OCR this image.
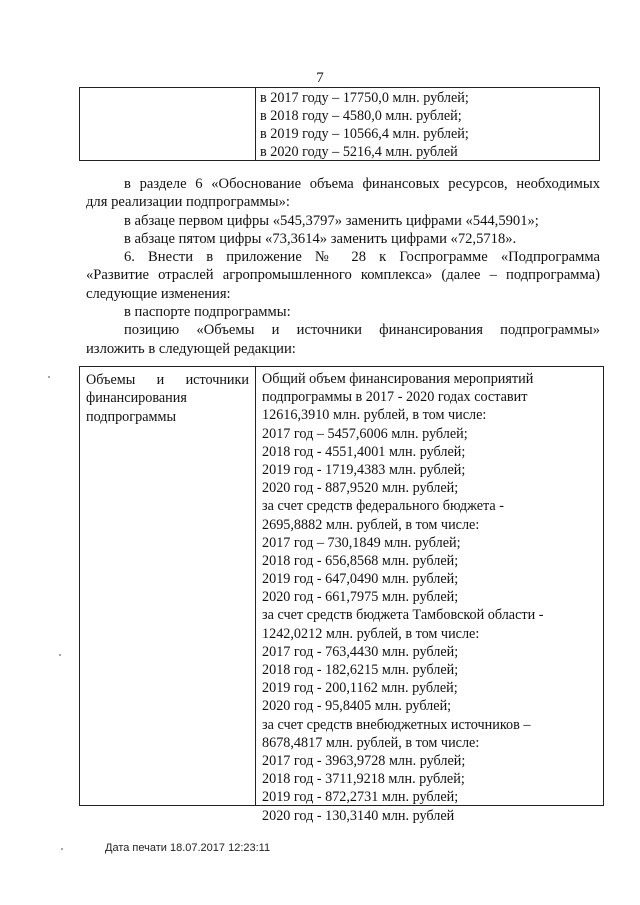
7
в 2017 году – 17750,0 млн. рублей;
в 2018 году – 4580,0 млн. рублей;
в 2019 году – 10566,4 млн. рублей;
в 2020 году – 5216,4 млн. рублей

в разделе 6 «Обоснование объема финансовых ресурсов, необходимых

для реализации подпрограммы»:

в абзаце первом цифры «545,3797» заменить цифрами «544,5901»;

в абзаце пятом цифры «73,3614» заменить цифрами «72,5718».

6. Внести в приложение № 28 к Госпрограмме «Подпрограмма

«Развитие отраслей агропромышленного комплекса» (далее – подпрограмма)

следующие изменения:

в паспорте подпрограммы:

позицию «Объемы и источники финансирования подпрограммы»

изложить в следующей редакции:

Объемы и источники
финансирования
подпрограммы
Общий объем финансирования мероприятий
подпрограммы в 2017 - 2020 годах составит
12616,3910 млн. рублей, в том числе:
2017 год – 5457,6006 млн. рублей;
2018 год - 4551,4001 млн. рублей;
2019 год - 1719,4383 млн. рублей;
2020 год - 887,9520 млн. рублей;
за счет средств федерального бюджета -
2695,8882 млн. рублей, в том числе:
2017 год – 730,1849 млн. рублей;
2018 год - 656,8568 млн. рублей;
2019 год - 647,0490 млн. рублей;
2020 год - 661,7975 млн. рублей;
за счет средств бюджета Тамбовской области -
1242,0212 млн. рублей, в том числе:
2017 год - 763,4430 млн. рублей;
2018 год - 182,6215 млн. рублей;
2019 год - 200,1162 млн. рублей;
2020 год - 95,8405 млн. рублей;
за счет средств внебюджетных источников –
8678,4817 млн. рублей, в том числе:
2017 год - 3963,9728 млн. рублей;
2018 год - 3711,9218 млн. рублей;
2019 год - 872,2731 млн. рублей;
2020 год - 130,3140 млн. рублей
Дата печати 18.07.2017 12:23:11
